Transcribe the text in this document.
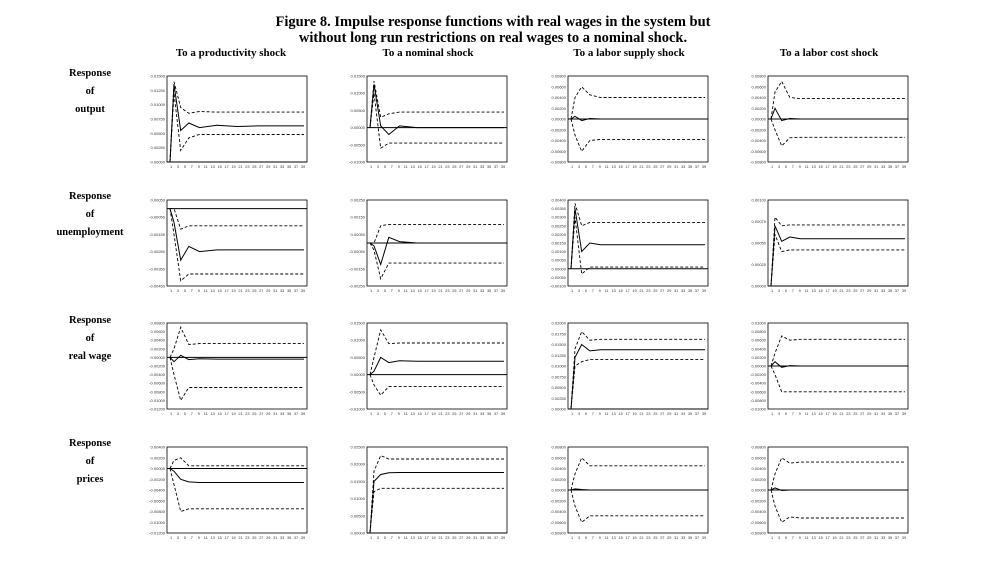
Figure 8. Impulse response functions with real wages in the system but
without long run restrictions on real wages to a nominal shock.
To a productivity shock	To a nominal shock	To a labor supply shock	To a labor cost shock
Response
of
output
Response
of
unemployment
Response
of
real wage
Response
of
prices
0.01500
0.01250
0.01000
0.00750
0.00500
0.00250
0.00000
1 3 5 7 9 11 13 15 17 19 21 23 25 27 29 31 33 35 37 39
0.01500
0.01000
0.00500
0.00000
-0.00500
-0.01000
1 3 5 7 9 11 13 15 17 19 21 23 25 27 29 31 33 35 37 39
0.00800
0.00600
0.00400
0.00200
0.00000
-0.00200
-0.00400
-0.00600
-0.00800
1 3 5 7 9 11 13 15 17 19 21 23 25 27 29 31 33 35 37 39
0.00800
0.00600
0.00400
0.00200
0.00000
-0.00200
-0.00400
-0.00600
-0.00800
1 3 5 7 9 11 13 15 17 19 21 23 25 27 29 31 33 35 37 39
0.00050
-0.00050
-0.00150
-0.00250
-0.00350
-0.00450
1 3 5 7 9 11 13 15 17 19 21 23 25 27 29 31 33 35 37 39
0.00250
0.00150
0.00050
-0.00050
-0.00150
-0.00250
1 3 5 7 9 11 13 15 17 19 21 23 25 27 29 31 33 35 37 39
0.00400
0.00350
0.00300
0.00250
0.00200
0.00150
0.00100
0.00050
0.00000
-0.00050
-0.00100
1 3 5 7 9 11 13 15 17 19 21 23 25 27 29 31 33 35 37 39
0.00100
0.00075
0.00050
0.00025
0.00000
1 3 5 7 9 11 13 15 17 19 21 23 25 27 29 31 33 35 37 39
0.00800
0.00600
0.00400
0.00200
0.00000
-0.00200
-0.00400
-0.00600
-0.00800
-0.01000
-0.01200
1 3 5 7 9 11 13 15 17 19 21 23 25 27 29 31 33 35 37 39
0.01500
0.01000
0.00500
0.00000
-0.00500
-0.01000
1 3 5 7 9 11 13 15 17 19 21 23 25 27 29 31 33 35 37 39
0.02000
0.01750
0.01500
0.01250
0.01000
0.00750
0.00500
0.00250
0.00000
1 3 5 7 9 11 13 15 17 19 21 23 25 27 29 31 33 35 37 39
0.01000
0.00800
0.00600
0.00400
0.00200
0.00000
-0.00200
-0.00400
-0.00600
-0.00800
-0.01000
1 3 5 7 9 11 13 15 17 19 21 23 25 27 29 31 33 35 37 39
0.00400
0.00200
0.00000
-0.00200
-0.00400
-0.00600
-0.00800
-0.01000
-0.01200
1 3 5 7 9 11 13 15 17 19 21 23 25 27 29 31 33 35 37 39
0.02500
0.02000
0.01500
0.01000
0.00500
0.00000
1 3 5 7 9 11 13 15 17 19 21 23 25 27 29 31 33 35 37 39
0.00800
0.00600
0.00400
0.00200
0.00000
-0.00200
-0.00400
-0.00600
-0.00800
1 3 5 7 9 11 13 15 17 19 21 23 25 27 29 31 33 35 37 39
0.00800
0.00600
0.00400
0.00200
0.00000
-0.00200
-0.00400
-0.00600
-0.00800
1 3 5 7 9 11 13 15 17 19 21 23 25 27 29 31 33 35 37 39
